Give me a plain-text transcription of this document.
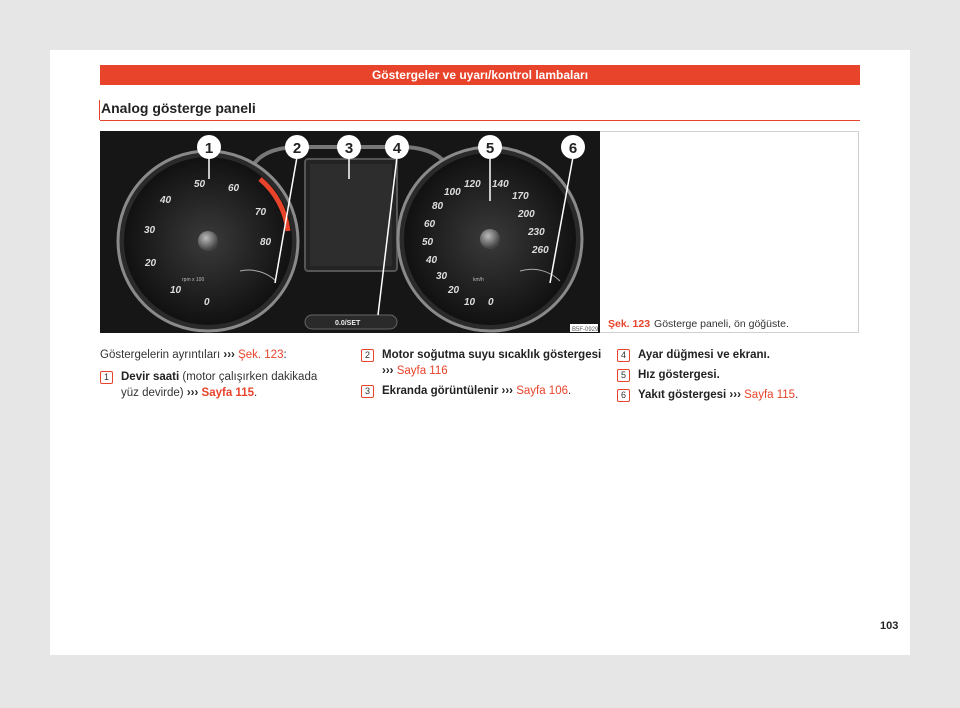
Göstergeler ve uyarı/kontrol lambaları
Analog gösterge paneli
0
10
20
30
40
50 60
70
80
rpm x 100
0
10
20
30
40
50
60
80
100
120 140
170
200
230
260
km/h
0.0/SET
1	2	3	4	5	6
B5F-0929 Şek. 123 Gösterge paneli, ön göğüste.
Göstergelerin ayrıntıları ››› Şek. 123:
1	Devir saati (motor çalışırken dakikada yüz devirde) ››› Sayfa 115.
2	Motor soğutma suyu sıcaklık göstergesi ››› Sayfa 116
3	Ekranda görüntülenir ››› Sayfa 106.
4	Ayar düğmesi ve ekranı.
5	Hız göstergesi.
6	Yakıt göstergesi ››› Sayfa 115.
103
